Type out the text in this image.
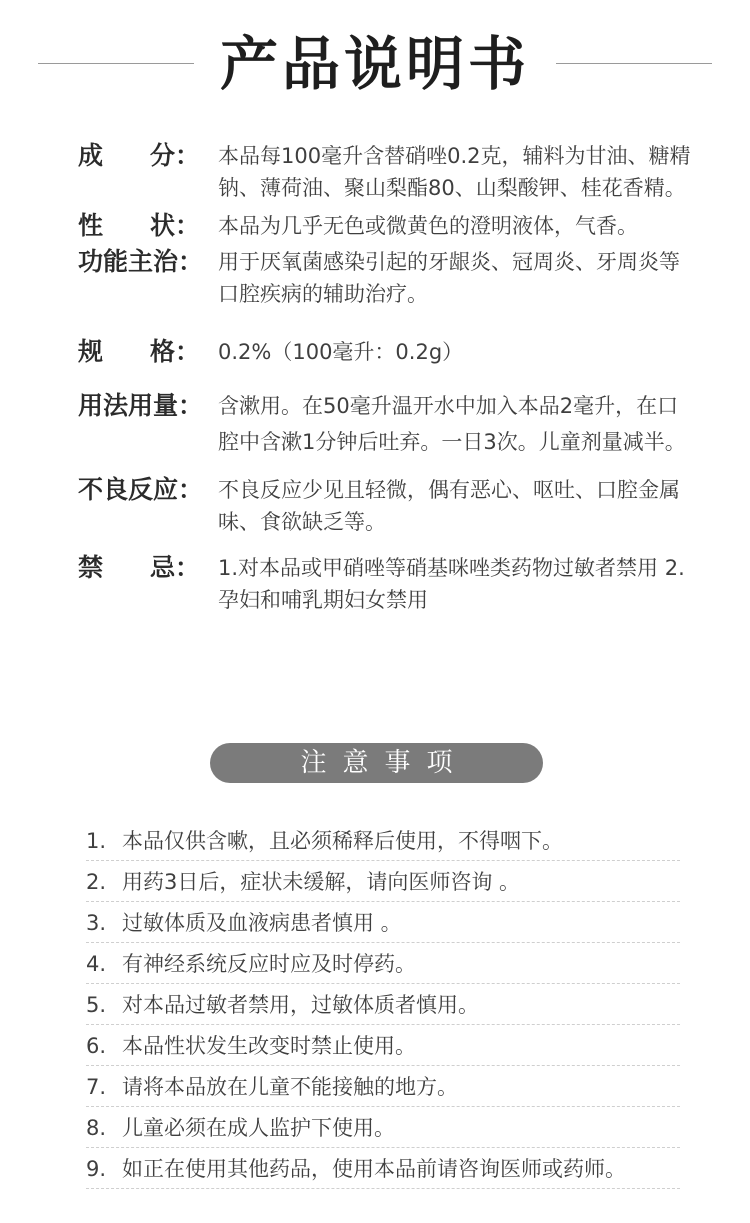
产品说明书
成 分： 本品每100毫升含替硝唑0.2克，辅料为甘油、糖精钠、薄荷油、聚山梨酯80、山梨酸钾、桂花香精。
性 状： 本品为几乎无色或微黄色的澄明液体，气香。
功能主治： 用于厌氧菌感染引起的牙龈炎、冠周炎、牙周炎等口腔疾病的辅助治疗。
规 格： 0.2%（100毫升：0.2g）
用法用量： 含漱用。在50毫升温开水中加入本品2毫升，在口腔中含漱1分钟后吐弃。一日3次。儿童剂量减半。
不良反应： 不良反应少见且轻微，偶有恶心、呕吐、口腔金属味、食欲缺乏等。
禁 忌： 1.对本品或甲硝唑等硝基咪唑类药物过敏者禁用 2.孕妇和哺乳期妇女禁用
注意事项
1. 本品仅供含嗽，且必须稀释后使用，不得咽下。
2. 用药3日后，症状未缓解，请向医师咨询 。
3. 过敏体质及血液病患者慎用 。
4. 有神经系统反应时应及时停药。
5. 对本品过敏者禁用，过敏体质者慎用。
6. 本品性状发生改变时禁止使用。
7. 请将本品放在儿童不能接触的地方。
8. 儿童必须在成人监护下使用。
9. 如正在使用其他药品，使用本品前请咨询医师或药师。
